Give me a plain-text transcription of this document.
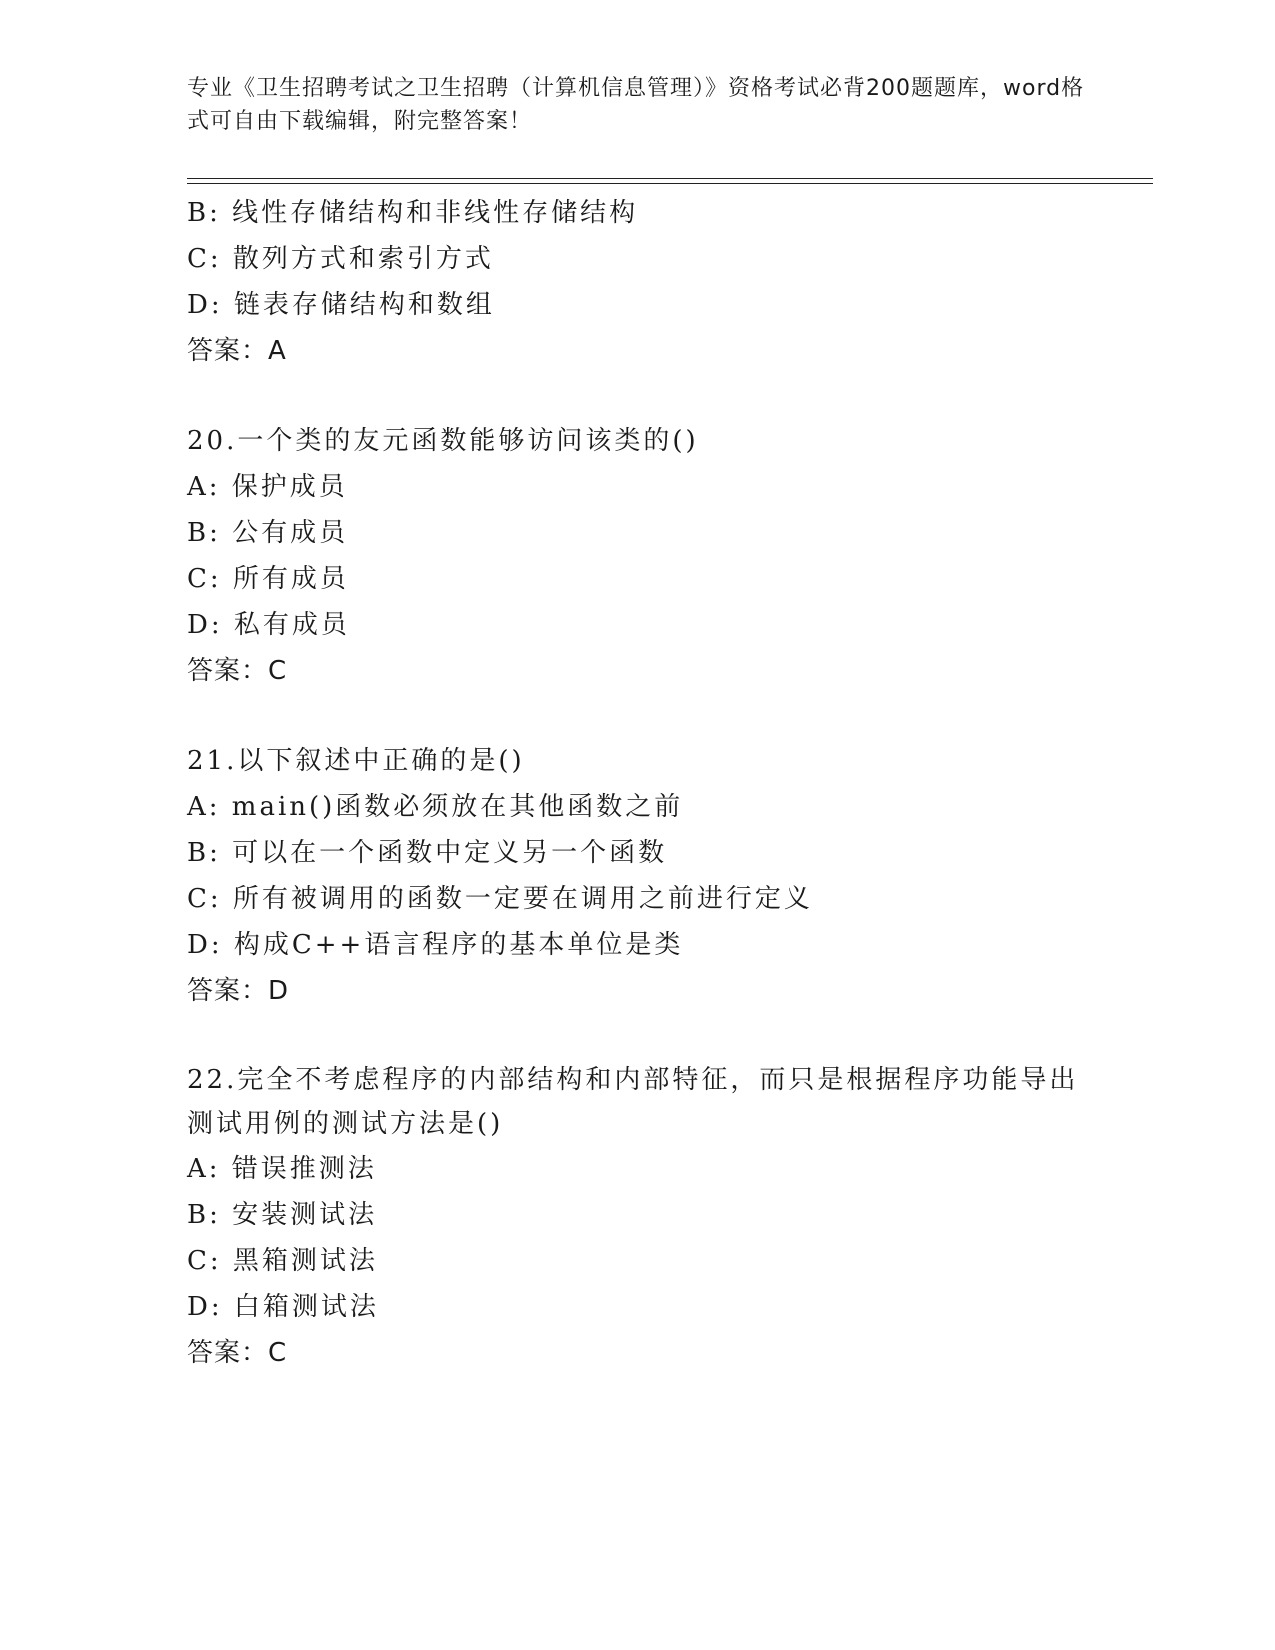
专业《卫生招聘考试之卫生招聘（计算机信息管理）》资格考试必背200题题库，word格式可自由下载编辑，附完整答案！
B: 线性存储结构和非线性存储结构
C: 散列方式和索引方式
D: 链表存储结构和数组
答案：A
20.一个类的友元函数能够访问该类的()
A: 保护成员
B: 公有成员
C: 所有成员
D: 私有成员
答案：C
21.以下叙述中正确的是()
A: main()函数必须放在其他函数之前
B: 可以在一个函数中定义另一个函数
C: 所有被调用的函数一定要在调用之前进行定义
D: 构成C++语言程序的基本单位是类
答案：D
22.完全不考虑程序的内部结构和内部特征，而只是根据程序功能导出测试用例的测试方法是()
A: 错误推测法
B: 安装测试法
C: 黑箱测试法
D: 白箱测试法
答案：C
